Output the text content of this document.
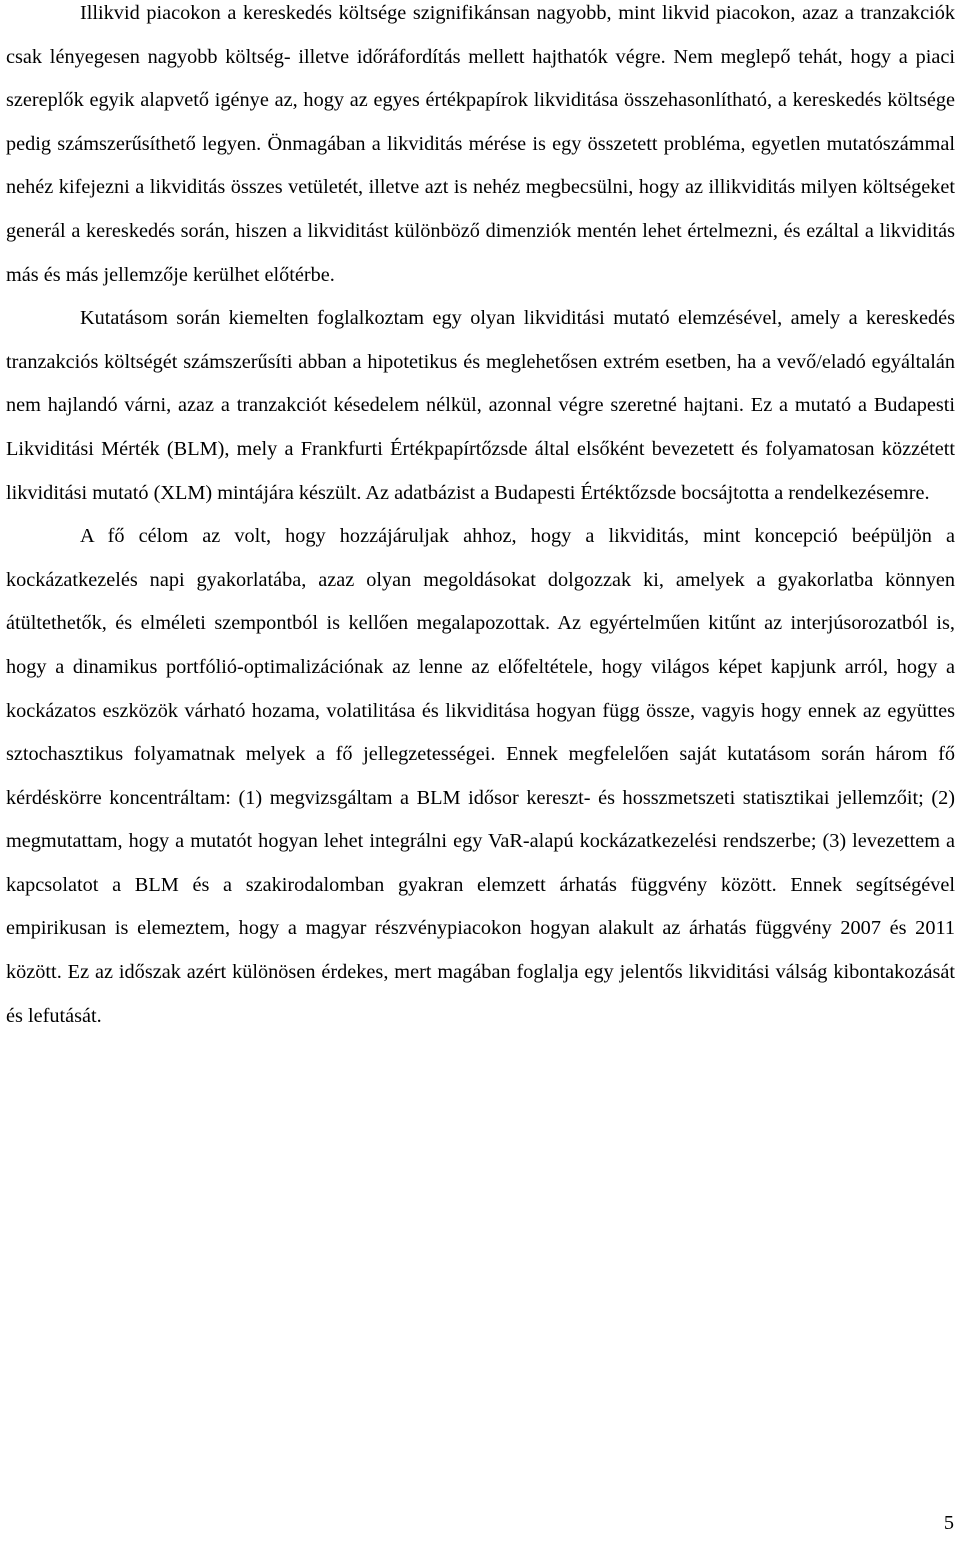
Illikvid piacokon a kereskedés költsége szignifikánsan nagyobb, mint likvid piacokon, azaz a tranzakciók csak lényegesen nagyobb költség- illetve időráfordítás mellett hajthatók végre. Nem meglepő tehát, hogy a piaci szereplők egyik alapvető igénye az, hogy az egyes értékpapírok likviditása összehasonlítható, a kereskedés költsége pedig számszerűsíthető legyen. Önmagában a likviditás mérése is egy összetett probléma, egyetlen mutatószámmal nehéz kifejezni a likviditás összes vetületét, illetve azt is nehéz megbecsülni, hogy az illikviditás milyen költségeket generál a kereskedés során, hiszen a likviditást különböző dimenziók mentén lehet értelmezni, és ezáltal a likviditás más és más jellemzője kerülhet előtérbe.

Kutatásom során kiemelten foglalkoztam egy olyan likviditási mutató elemzésével, amely a kereskedés tranzakciós költségét számszerűsíti abban a hipotetikus és meglehetősen extrém esetben, ha a vevő/eladó egyáltalán nem hajlandó várni, azaz a tranzakciót késedelem nélkül, azonnal végre szeretné hajtani. Ez a mutató a Budapesti Likviditási Mérték (BLM), mely a Frankfurti Értékpapírtőzsde által elsőként bevezetett és folyamatosan közzétett likviditási mutató (XLM) mintájára készült. Az adatbázist a Budapesti Értéktőzsde bocsájtotta a rendelkezésemre.

A fő célom az volt, hogy hozzájáruljak ahhoz, hogy a likviditás, mint koncepció beépüljön a kockázatkezelés napi gyakorlatába, azaz olyan megoldásokat dolgozzak ki, amelyek a gyakorlatba könnyen átültethetők, és elméleti szempontból is kellően megalapozottak. Az egyértelműen kitűnt az interjúsorozatból is, hogy a dinamikus portfólió-optimalizációnak az lenne az előfeltétele, hogy világos képet kapjunk arról, hogy a kockázatos eszközök várható hozama, volatilitása és likviditása hogyan függ össze, vagyis hogy ennek az együttes sztochasztikus folyamatnak melyek a fő jellegzetességei. Ennek megfelelően saját kutatásom során három fő kérdéskörre koncentráltam: (1) megvizsgáltam a BLM idősor kereszt- és hosszmetszeti statisztikai jellemzőit; (2) megmutattam, hogy a mutatót hogyan lehet integrálni egy VaR-alapú kockázatkezelési rendszerbe; (3) levezettem a kapcsolatot a BLM és a szakirodalomban gyakran elemzett árhatás függvény között. Ennek segítségével empirikusan is elemeztem, hogy a magyar részvénypiacokon hogyan alakult az árhatás függvény 2007 és 2011 között. Ez az időszak azért különösen érdekes, mert magában foglalja egy jelentős likviditási válság kibontakozását és lefutását.

5
